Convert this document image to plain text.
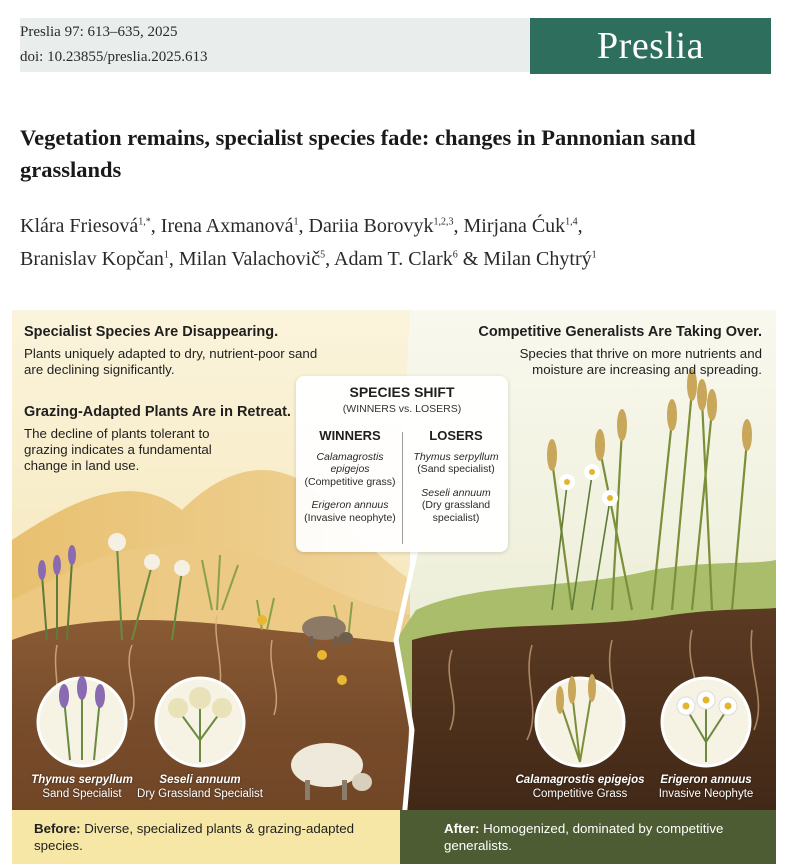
Preslia 97: 613–635, 2025
doi: 10.23855/preslia.2025.613	Preslia
Vegetation remains, specialist species fade: changes in Pannonian sand grasslands
Klára Friesová$^{1,*}$, Irena Axmanová$^1$, Dariia Borovyk$^{1,2,3}$, Mirjana Ćuk$^{1,4}$,
Branislav Kopčan$^1$, Milan Valachovič$^5$, Adam T. Clark$^6$ & Milan Chytrý$^1$
Specialist Species Are Disappearing.
Plants uniquely adapted to dry, nutrient-poor sand are declining significantly.
Grazing-Adapted Plants Are in Retreat.
The decline of plants tolerant to grazing indicates a fundamental change in land use.
Competitive Generalists Are Taking Over.
Species that thrive on more nutrients and moisture are increasing and spreading.
SPECIES SHIFT
(WINNERS vs. LOSERS)
WINNERS
Calamagrostis epigejos
(Competitive grass)
Erigeron annuus
(Invasive neophyte)
LOSERS
Thymus serpyllum
(Sand specialist)
Seseli annuum
(Dry grassland specialist)
Thymus serpyllum
Sand Specialist
Seseli annuum
Dry Grassland Specialist
Calamagrostis epigejos
Competitive Grass
Erigeron annuus
Invasive Neophyte
Before: Diverse, specialized plants & grazing-adapted species.
After: Homogenized, dominated by competitive generalists.
